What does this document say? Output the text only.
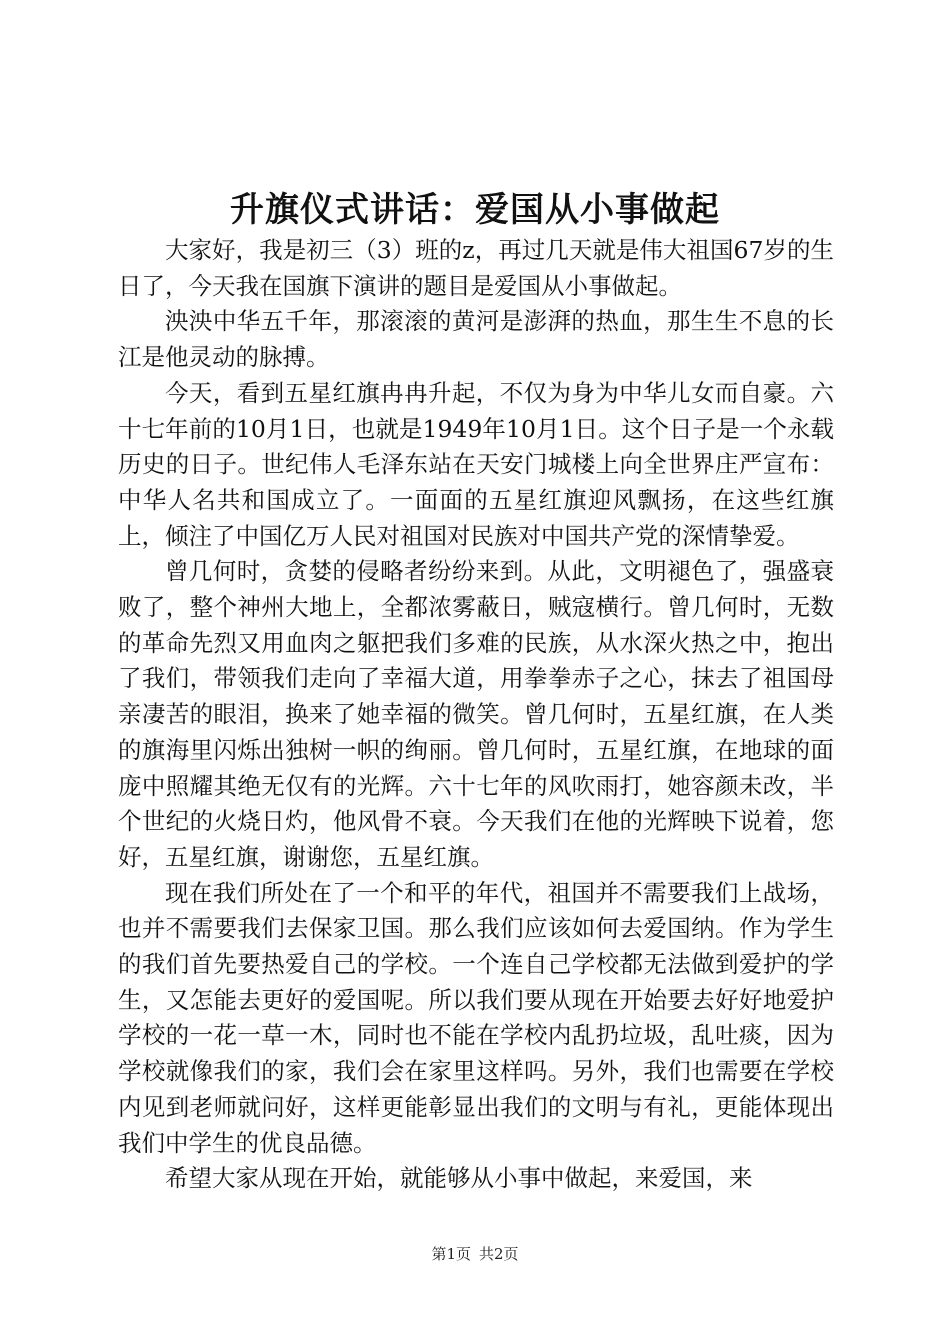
升旗仪式讲话：爱国从小事做起

大家好，我是初三（3）班的z，再过几天就是伟大祖国67岁的生日了，今天我在国旗下演讲的题目是爱国从小事做起。

泱泱中华五千年，那滚滚的黄河是澎湃的热血，那生生不息的长江是他灵动的脉搏。

今天，看到五星红旗冉冉升起，不仅为身为中华儿女而自豪。六十七年前的10月1日，也就是1949年10月1日。这个日子是一个永载历史的日子。世纪伟人毛泽东站在天安门城楼上向全世界庄严宣布：中华人名共和国成立了。一面面的五星红旗迎风飘扬，在这些红旗上，倾注了中国亿万人民对祖国对民族对中国共产党的深情挚爱。

曾几何时，贪婪的侵略者纷纷来到。从此，文明褪色了，强盛衰败了，整个神州大地上，全都浓雾蔽日，贼寇横行。曾几何时，无数的革命先烈又用血肉之躯把我们多难的民族，从水深火热之中，抱出了我们，带领我们走向了幸福大道，用拳拳赤子之心，抹去了祖国母亲凄苦的眼泪，换来了她幸福的微笑。曾几何时，五星红旗，在人类的旗海里闪烁出独树一帜的绚丽。曾几何时，五星红旗，在地球的面庞中照耀其绝无仅有的光辉。六十七年的风吹雨打，她容颜未改，半个世纪的火烧日灼，他风骨不衰。今天我们在他的光辉映下说着，您好，五星红旗，谢谢您，五星红旗。

现在我们所处在了一个和平的年代，祖国并不需要我们上战场，也并不需要我们去保家卫国。那么我们应该如何去爱国纳。作为学生的我们首先要热爱自己的学校。一个连自己学校都无法做到爱护的学生，又怎能去更好的爱国呢。所以我们要从现在开始要去好好地爱护学校的一花一草一木，同时也不能在学校内乱扔垃圾，乱吐痰，因为学校就像我们的家，我们会在家里这样吗。另外，我们也需要在学校内见到老师就问好，这样更能彰显出我们的文明与有礼，更能体现出我们中学生的优良品德。

希望大家从现在开始，就能够从小事中做起，来爱国，来

第1页 共2页
